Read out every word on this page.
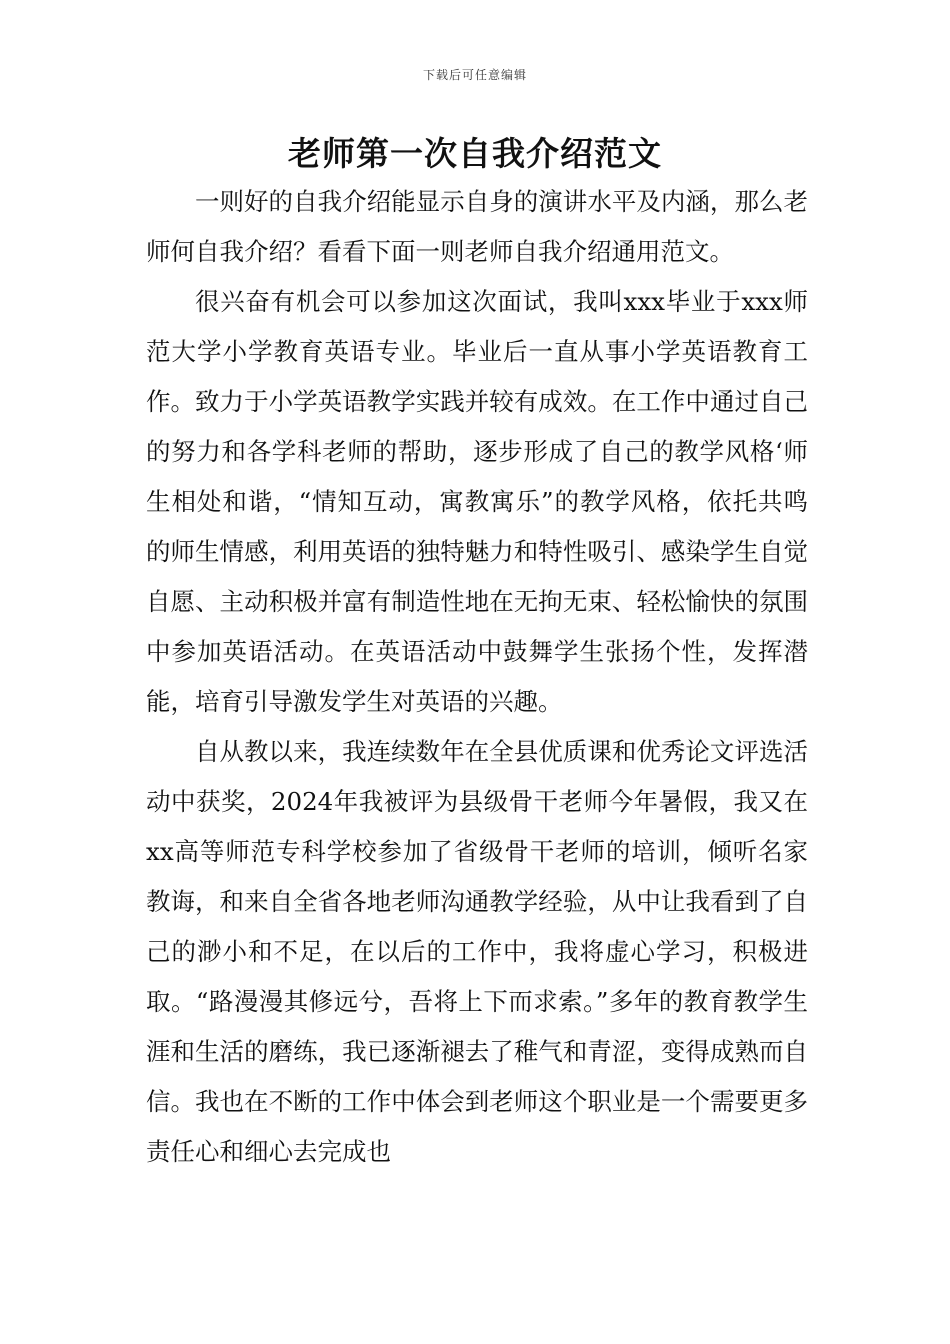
下载后可任意编辑
老师第一次自我介绍范文

一则好的自我介绍能显示自身的演讲水平及内涵，那么老师何自我介绍？看看下面一则老师自我介绍通用范文。

很兴奋有机会可以参加这次面试，我叫xxx毕业于xxx师范大学小学教育英语专业。毕业后一直从事小学英语教育工作。致力于小学英语教学实践并较有成效。在工作中通过自己的努力和各学科老师的帮助，逐步形成了自己的教学风格‘师生相处和谐，“情知互动，寓教寓乐”的教学风格，依托共鸣的师生情感，利用英语的独特魅力和特性吸引、感染学生自觉自愿、主动积极并富有制造性地在无拘无束、轻松愉快的氛围中参加英语活动。在英语活动中鼓舞学生张扬个性，发挥潜能，培育引导激发学生对英语的兴趣。

自从教以来，我连续数年在全县优质课和优秀论文评选活动中获奖，2024年我被评为县级骨干老师今年暑假，我又在xx高等师范专科学校参加了省级骨干老师的培训，倾听名家教诲，和来自全省各地老师沟通教学经验，从中让我看到了自己的渺小和不足，在以后的工作中，我将虚心学习，积极进取。“路漫漫其修远兮，吾将上下而求索。”多年的教育教学生涯和生活的磨练，我已逐渐褪去了稚气和青涩，变得成熟而自信。我也在不断的工作中体会到老师这个职业是一个需要更多责任心和细心去完成也
